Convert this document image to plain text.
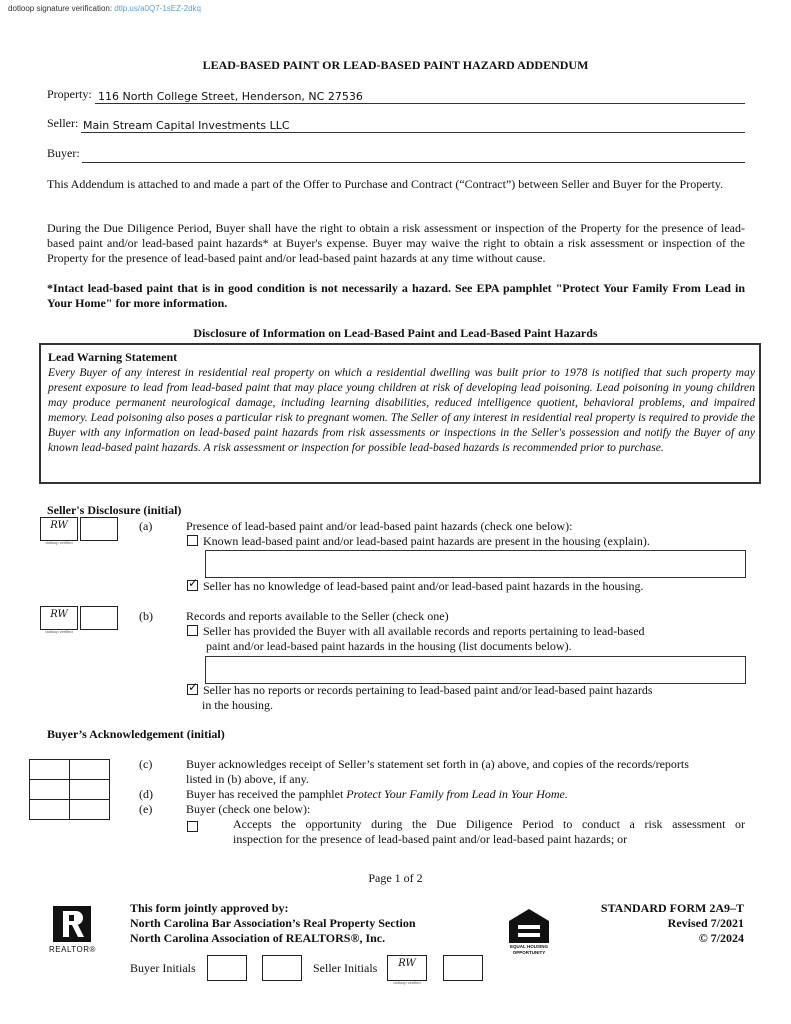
dotloop signature verification: dtlp.us/a0Q7-1sEZ-2dkq
LEAD-BASED PAINT OR LEAD-BASED PAINT HAZARD ADDENDUM
Property: 116 North College Street, Henderson, NC 27536
Seller: Main Stream Capital Investments LLC
Buyer:
This Addendum is attached to and made a part of the Offer to Purchase and Contract (“Contract”) between Seller and Buyer for the Property.
During the Due Diligence Period, Buyer shall have the right to obtain a risk assessment or inspection of the Property for the presence of lead-based paint and/or lead-based paint hazards* at Buyer's expense. Buyer may waive the right to obtain a risk assessment or inspection of the Property for the presence of lead-based paint and/or lead-based paint hazards at any time without cause.
*Intact lead-based paint that is in good condition is not necessarily a hazard. See EPA pamphlet "Protect Your Family From Lead in Your Home" for more information.
Disclosure of Information on Lead-Based Paint and Lead-Based Paint Hazards
Lead Warning Statement
Every Buyer of any interest in residential real property on which a residential dwelling was built prior to 1978 is notified that such property may present exposure to lead from lead-based paint that may place young children at risk of developing lead poisoning. Lead poisoning in young children may produce permanent neurological damage, including learning disabilities, reduced intelligence quotient, behavioral problems, and impaired memory. Lead poisoning also poses a particular risk to pregnant women. The Seller of any interest in residential real property is required to provide the Buyer with any information on lead-based paint hazards from risk assessments or inspections in the Seller's possession and notify the Buyer of any known lead-based paint hazards. A risk assessment or inspection for possible lead-based hazards is recommended prior to purchase.
Seller's Disclosure (initial)
RW
dotloop verified
(a)	Presence of lead-based paint and/or lead-based paint hazards (check one below):
Known lead-based paint and/or lead-based paint hazards are present in the housing (explain).
✓Seller has no knowledge of lead-based paint and/or lead-based paint hazards in the housing.
RW
dotloop verified
(b)	Records and reports available to the Seller (check one)
Seller has provided the Buyer with all available records and reports pertaining to lead-based
paint and/or lead-based paint hazards in the housing (list documents below).
✓Seller has no reports or records pertaining to lead-based paint and/or lead-based paint hazards
in the housing.
Buyer’s Acknowledgement (initial)
(c)	Buyer acknowledges receipt of Seller’s statement set forth in (a) above, and copies of the records/reports
listed in (b) above, if any.
(d)	Buyer has received the pamphlet Protect Your Family from Lead in Your Home.
(e)	Buyer (check one below):
Accepts the opportunity during the Due Diligence Period to conduct a risk assessment or
inspection for the presence of lead-based paint and/or lead-based paint hazards; or
Page 1 of 2
REALTOR®
This form jointly approved by:
North Carolina Bar Association’s Real Property Section
North Carolina Association of REALTORS®, Inc.
EQUAL HOUSING OPPORTUNITY
STANDARD FORM 2A9–T
Revised 7/2021
© 7/2024
Buyer Initials	Seller Initials	RW
dotloop verified
